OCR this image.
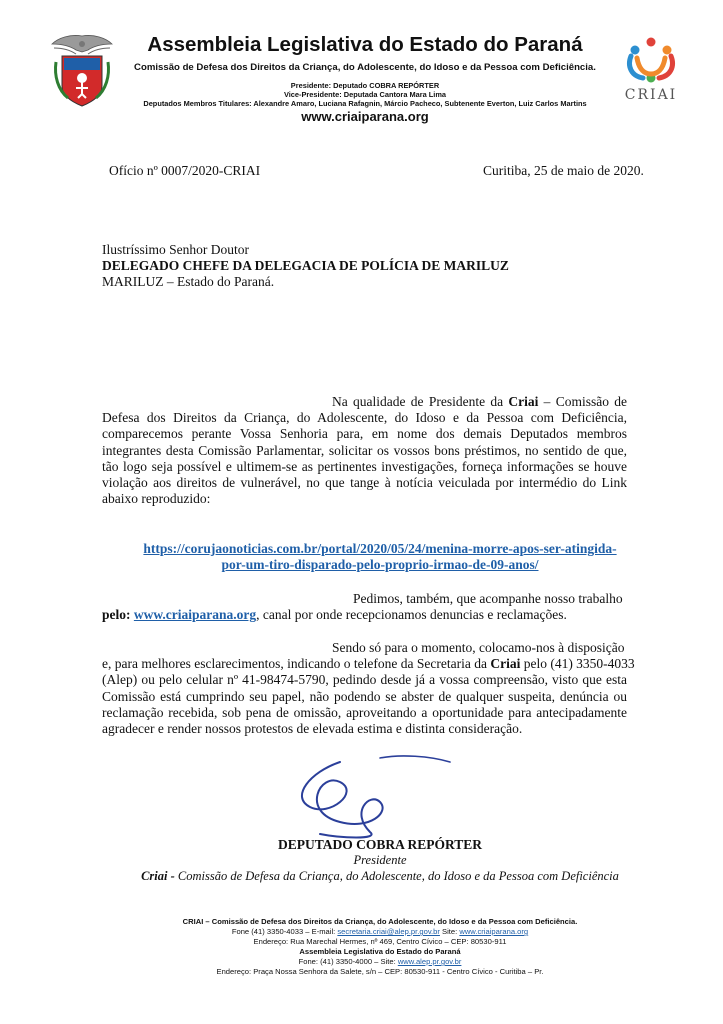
Assembleia Legislativa do Estado do Paraná
Comissão de Defesa dos Direitos da Criança, do Adolescente, do Idoso e da Pessoa com Deficiência.
Presidente: Deputado COBRA REPÓRTER
Vice-Presidente: Deputada Cantora Mara Lima
Deputados Membros Titulares: Alexandre Amaro, Luciana Rafagnin, Márcio Pacheco, Subtenente Everton, Luiz Carlos Martins
www.criaiparana.org
CRIAI
Ofício nº 0007/2020-CRIAI	Curitiba, 25 de maio de 2020.
Ilustríssimo Senhor Doutor
DELEGADO CHEFE DA DELEGACIA DE POLÍCIA DE MARILUZ
MARILUZ – Estado do Paraná.
Na qualidade de Presidente da Criai – Comissão de
Defesa dos Direitos da Criança, do Adolescente, do Idoso e da Pessoa com Deficiência,
comparecemos perante Vossa Senhoria para, em nome dos demais Deputados membros
integrantes desta Comissão Parlamentar, solicitar os vossos bons préstimos, no sentido de que,
tão logo seja possível e ultimem-se as pertinentes investigações, forneça informações se houve
violação aos direitos de vulnerável, no que tange à notícia veiculada por intermédio do Link
abaixo reproduzido:
https://corujaonoticias.com.br/portal/2020/05/24/menina-morre-apos-ser-atingida-
por-um-tiro-disparado-pelo-proprio-irmao-de-09-anos/
Pedimos, também, que acompanhe nosso trabalho
pelo: www.criaiparana.org, canal por onde recepcionamos denuncias e reclamações.
Sendo só para o momento, colocamo-nos à disposição
e, para melhores esclarecimentos, indicando o telefone da Secretaria da Criai pelo (41) 3350-4033
(Alep) ou pelo celular nº 41-98474-5790, pedindo desde já a vossa compreensão, visto que esta
Comissão está cumprindo seu papel, não podendo se abster de qualquer suspeita, denúncia ou
reclamação recebida, sob pena de omissão, aproveitando a oportunidade para antecipadamente
agradecer e render nossos protestos de elevada estima e distinta consideração.
DEPUTADO COBRA REPÓRTER
Presidente
Criai - Comissão de Defesa da Criança, do Adolescente, do Idoso e da Pessoa com Deficiência
CRIAI – Comissão de Defesa dos Direitos da Criança, do Adolescente, do Idoso e da Pessoa com Deficiência.
Fone (41) 3350-4033 – E-mail: secretaria.criai@alep.pr.gov.br Site: www.criaiparana.org
Endereço: Rua Marechal Hermes, nº 469, Centro Cívico – CEP: 80530-911
Assembleia Legislativa do Estado do Paraná
Fone: (41) 3350-4000 – Site: www.alep.pr.gov.br
Endereço: Praça Nossa Senhora da Salete, s/n – CEP: 80530-911 - Centro Cívico - Curitiba – Pr.
